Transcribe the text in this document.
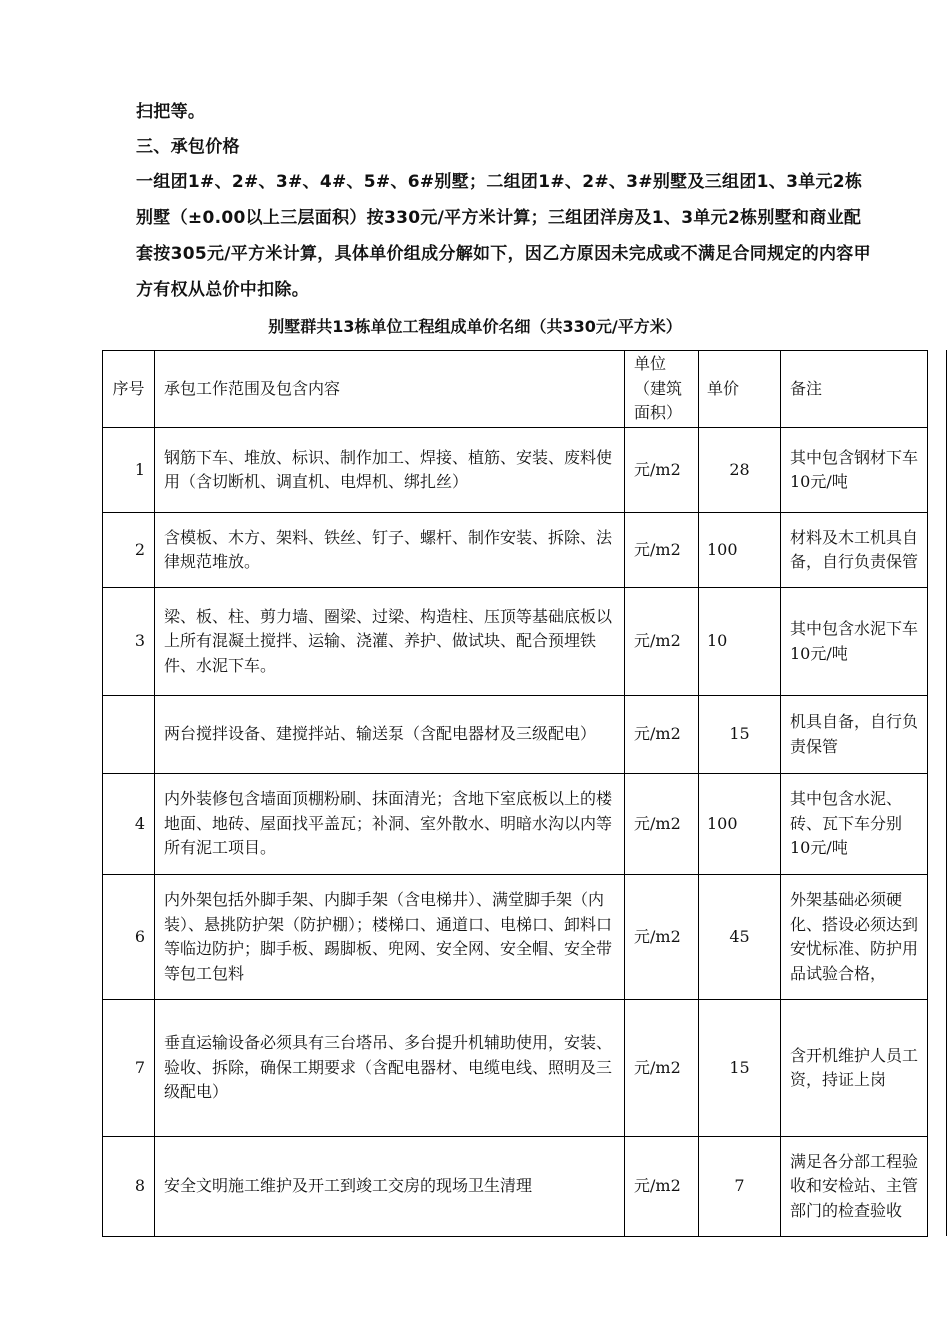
扫把等。

三、承包价格

一组团1#、2#、3#、4#、5#、6#别墅；二组团1#、2#、3#别墅及三组团1、3单元2栋别墅（±0.00以上三层面积）按330元/平方米计算；三组团洋房及1、3单元2栋别墅和商业配套按305元/平方米计算，具体单价组成分解如下，因乙方原因未完成或不满足合同规定的内容甲方有权从总价中扣除。

别墅群共13栋单位工程组成单价名细（共330元/平方米）
序号	承包工作范围及包含内容	单位（建筑面积）	单价	备注
1	钢筋下车、堆放、标识、制作加工、焊接、植筋、安装、废料使用（含切断机、调直机、电焊机、绑扎丝）	元/m2	28	其中包含钢材下车10元/吨
2	含模板、木方、架料、铁丝、钉子、螺杆、制作安装、拆除、法律规范堆放。	元/m2	100	材料及木工机具自备，自行负责保管
3	梁、板、柱、剪力墙、圈梁、过梁、构造柱、压顶等基础底板以上所有混凝土搅拌、运输、浇灌、养护、做试块、配合预埋铁件、水泥下车。	元/m2	10	其中包含水泥下车10元/吨
	两台搅拌设备、建搅拌站、输送泵（含配电器材及三级配电）	元/m2	15	机具自备，自行负责保管
4	内外装修包含墙面顶棚粉刷、抹面清光；含地下室底板以上的楼地面、地砖、屋面找平盖瓦；补洞、室外散水、明暗水沟以内等所有泥工项目。	元/m2	100	其中包含水泥、砖、瓦下车分别10元/吨
6	内外架包括外脚手架、内脚手架（含电梯井）、满堂脚手架（内装）、悬挑防护架（防护棚）；楼梯口、通道口、电梯口、卸料口等临边防护；脚手板、踢脚板、兜网、安全网、安全帽、安全带等包工包料	元/m2	45	外架基础必须硬化、搭设必须达到安忧标准、防护用品试验合格，
7	垂直运输设备必须具有三台塔吊、多台提升机辅助使用，安装、验收、拆除，确保工期要求（含配电器材、电缆电线、照明及三级配电）	元/m2	15	含开机维护人员工资，持证上岗
8	安全文明施工维护及开工到竣工交房的现场卫生清理	元/m2	7	满足各分部工程验收和安检站、主管部门的检查验收
